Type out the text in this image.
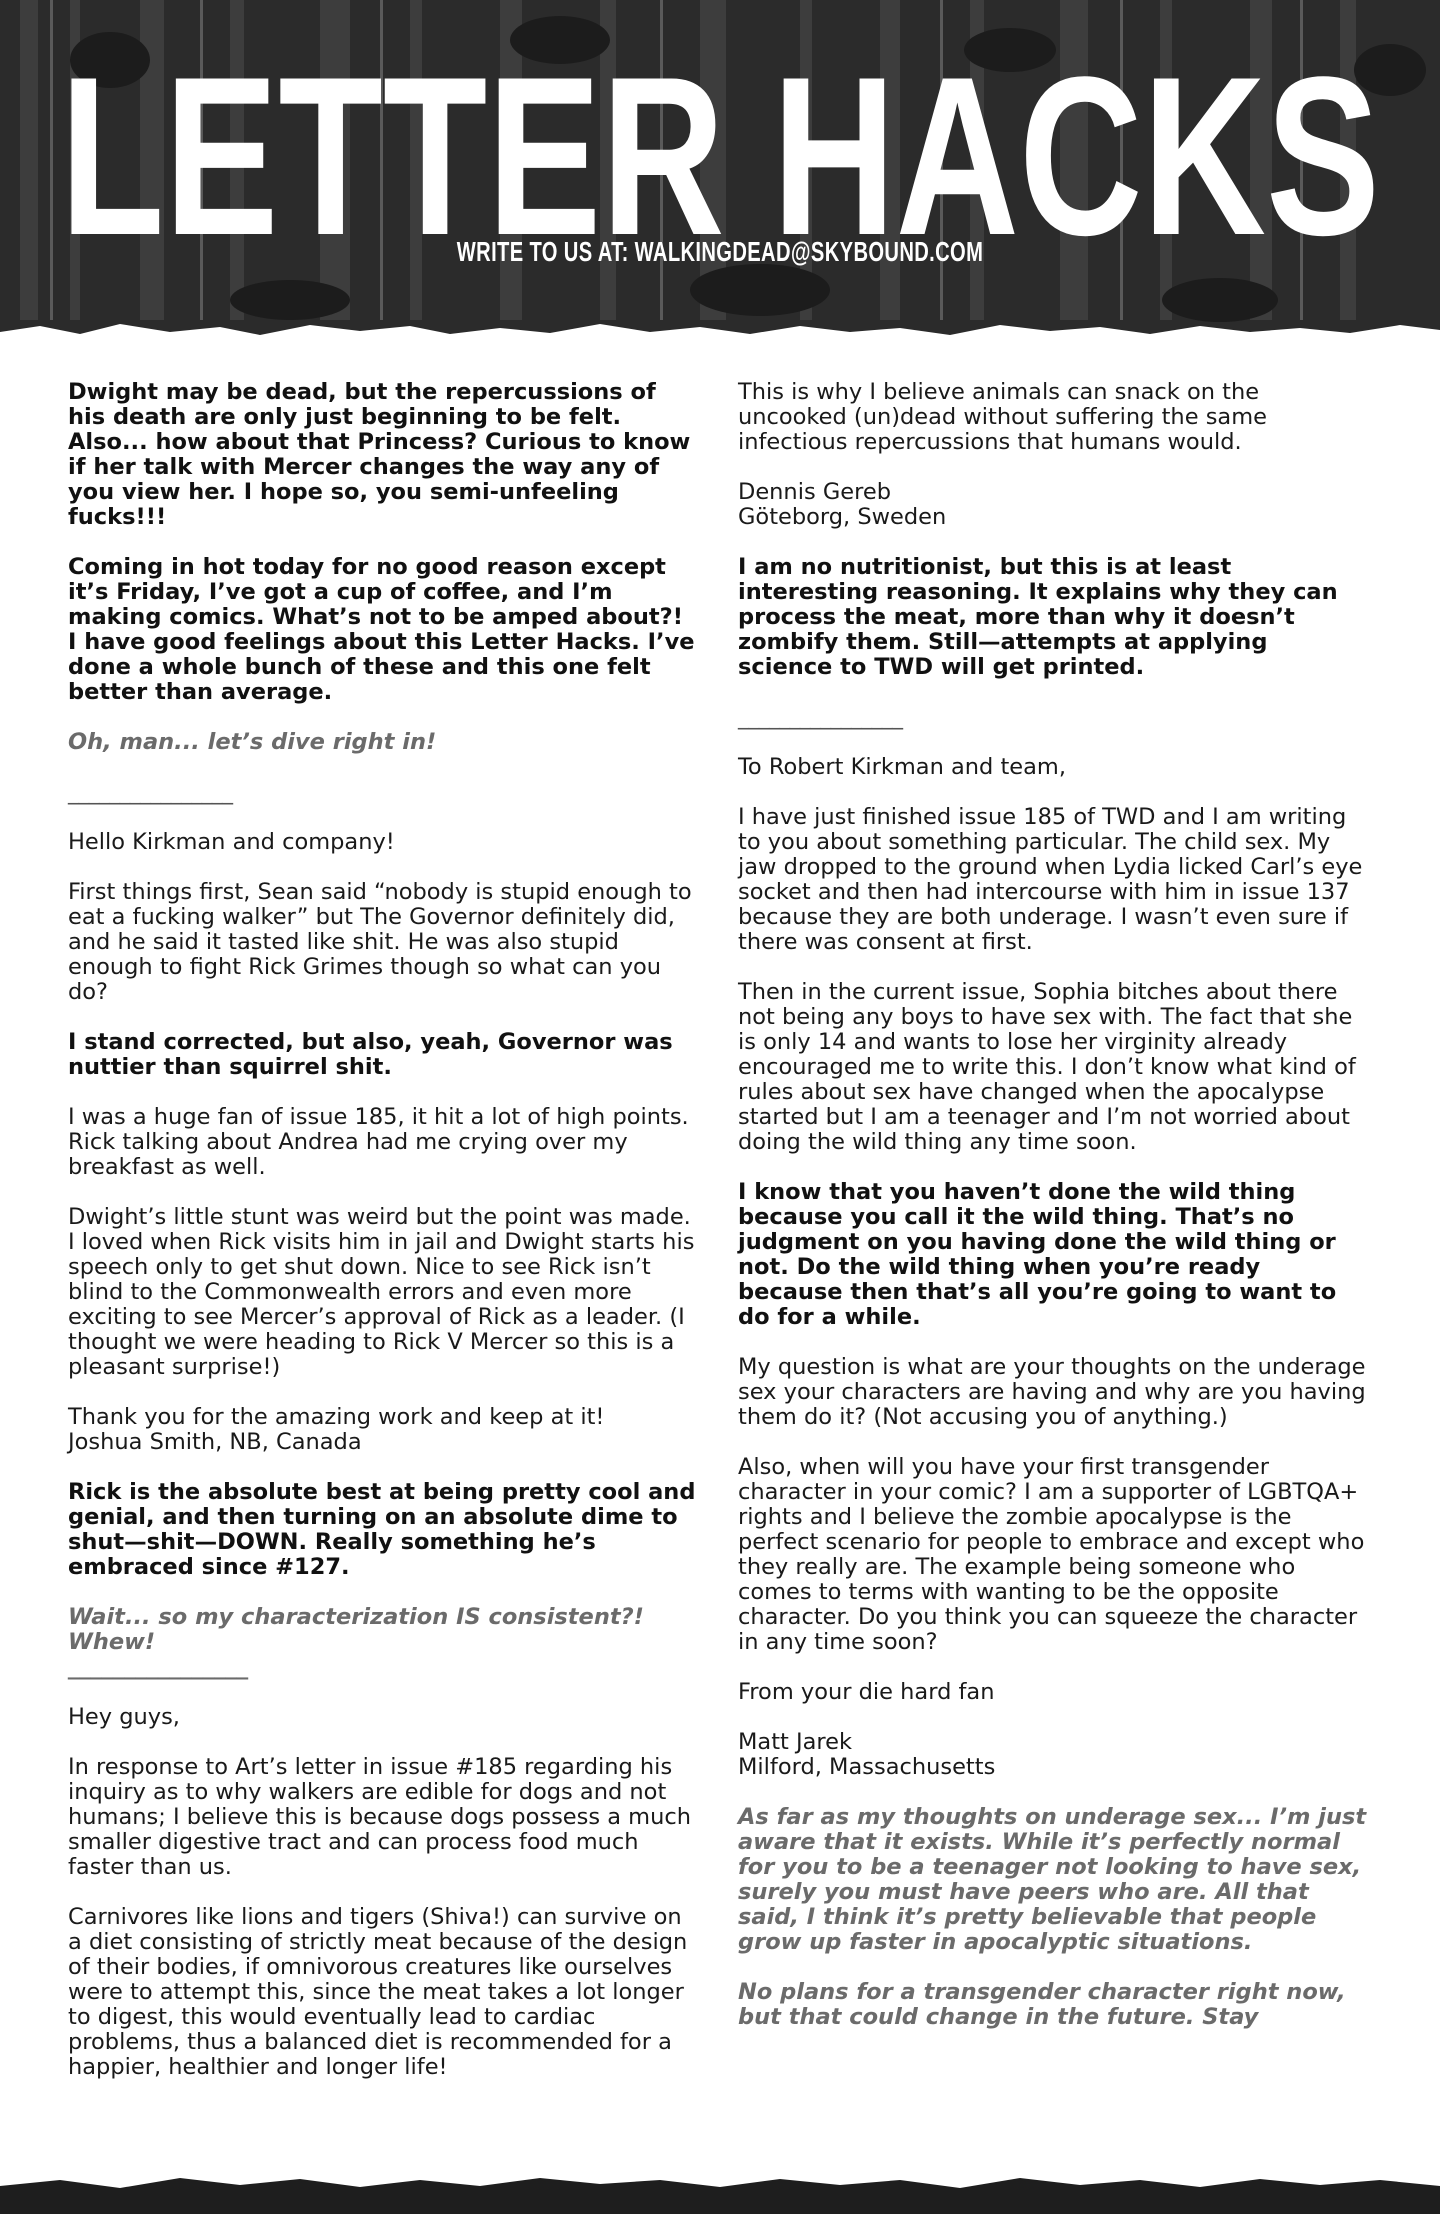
LETTER HACKS
WRITE TO US AT: WALKINGDEAD@SKYBOUND.COM

Dwight may be dead, but the repercussions of his death are only just beginning to be felt. Also... how about that Princess? Curious to know if her talk with Mercer changes the way any of you view her. I hope so, you semi-unfeeling fucks!!!

Coming in hot today for no good reason except it’s Friday, I’ve got a cup of coffee, and I’m making comics. What’s not to be amped about?! I have good feelings about this Letter Hacks. I’ve done a whole bunch of these and this one felt better than average.

Oh, man... let’s dive right in!

________________

Hello Kirkman and company!

First things first, Sean said “nobody is stupid enough to eat a fucking walker” but The Governor definitely did, and he said it tasted like shit. He was also stupid enough to fight Rick Grimes though so what can you do?

I stand corrected, but also, yeah, Governor was nuttier than squirrel shit.

I was a huge fan of issue 185, it hit a lot of high points. Rick talking about Andrea had me crying over my breakfast as well.

Dwight’s little stunt was weird but the point was made. I loved when Rick visits him in jail and Dwight starts his speech only to get shut down. Nice to see Rick isn’t blind to the Commonwealth errors and even more exciting to see Mercer’s approval of Rick as a leader. (I thought we were heading to Rick V Mercer so this is a pleasant surprise!)

Thank you for the amazing work and keep at it!
Joshua Smith, NB, Canada

Rick is the absolute best at being pretty cool and genial, and then turning on an absolute dime to shut—shit—DOWN. Really something he’s embraced since #127.

Wait... so my characterization IS consistent?! Whew!
________________

Hey guys,

In response to Art’s letter in issue #185 regarding his inquiry as to why walkers are edible for dogs and not humans; I believe this is because dogs possess a much smaller digestive tract and can process food much faster than us.

Carnivores like lions and tigers (Shiva!) can survive on a diet consisting of strictly meat because of the design of their bodies, if omnivorous creatures like ourselves were to attempt this, since the meat takes a lot longer to digest, this would eventually lead to cardiac problems, thus a balanced diet is recommended for a happier, healthier and longer life!

This is why I believe animals can snack on the uncooked (un)dead without suffering the same infectious repercussions that humans would.

Dennis Gereb
Göteborg, Sweden

I am no nutritionist, but this is at least interesting reasoning. It explains why they can process the meat, more than why it doesn’t zombify them. Still—attempts at applying science to TWD will get printed.

________________

To Robert Kirkman and team,

I have just finished issue 185 of TWD and I am writing to you about something particular. The child sex. My jaw dropped to the ground when Lydia licked Carl’s eye socket and then had intercourse with him in issue 137 because they are both underage. I wasn’t even sure if there was consent at first.

Then in the current issue, Sophia bitches about there not being any boys to have sex with. The fact that she is only 14 and wants to lose her virginity already encouraged me to write this. I don’t know what kind of rules about sex have changed when the apocalypse started but I am a teenager and I’m not worried about doing the wild thing any time soon.

I know that you haven’t done the wild thing because you call it the wild thing. That’s no judgment on you having done the wild thing or not. Do the wild thing when you’re ready because then that’s all you’re going to want to do for a while.

My question is what are your thoughts on the underage sex your characters are having and why are you having them do it? (Not accusing you of anything.)

Also, when will you have your first transgender character in your comic? I am a supporter of LGBTQA+ rights and I believe the zombie apocalypse is the perfect scenario for people to embrace and except who they really are. The example being someone who comes to terms with wanting to be the opposite character. Do you think you can squeeze the character in any time soon?

From your die hard fan

Matt Jarek
Milford, Massachusetts

As far as my thoughts on underage sex... I’m just aware that it exists. While it’s perfectly normal for you to be a teenager not looking to have sex, surely you must have peers who are. All that said, I think it’s pretty believable that people grow up faster in apocalyptic situations.

No plans for a transgender character right now, but that could change in the future. Stay
